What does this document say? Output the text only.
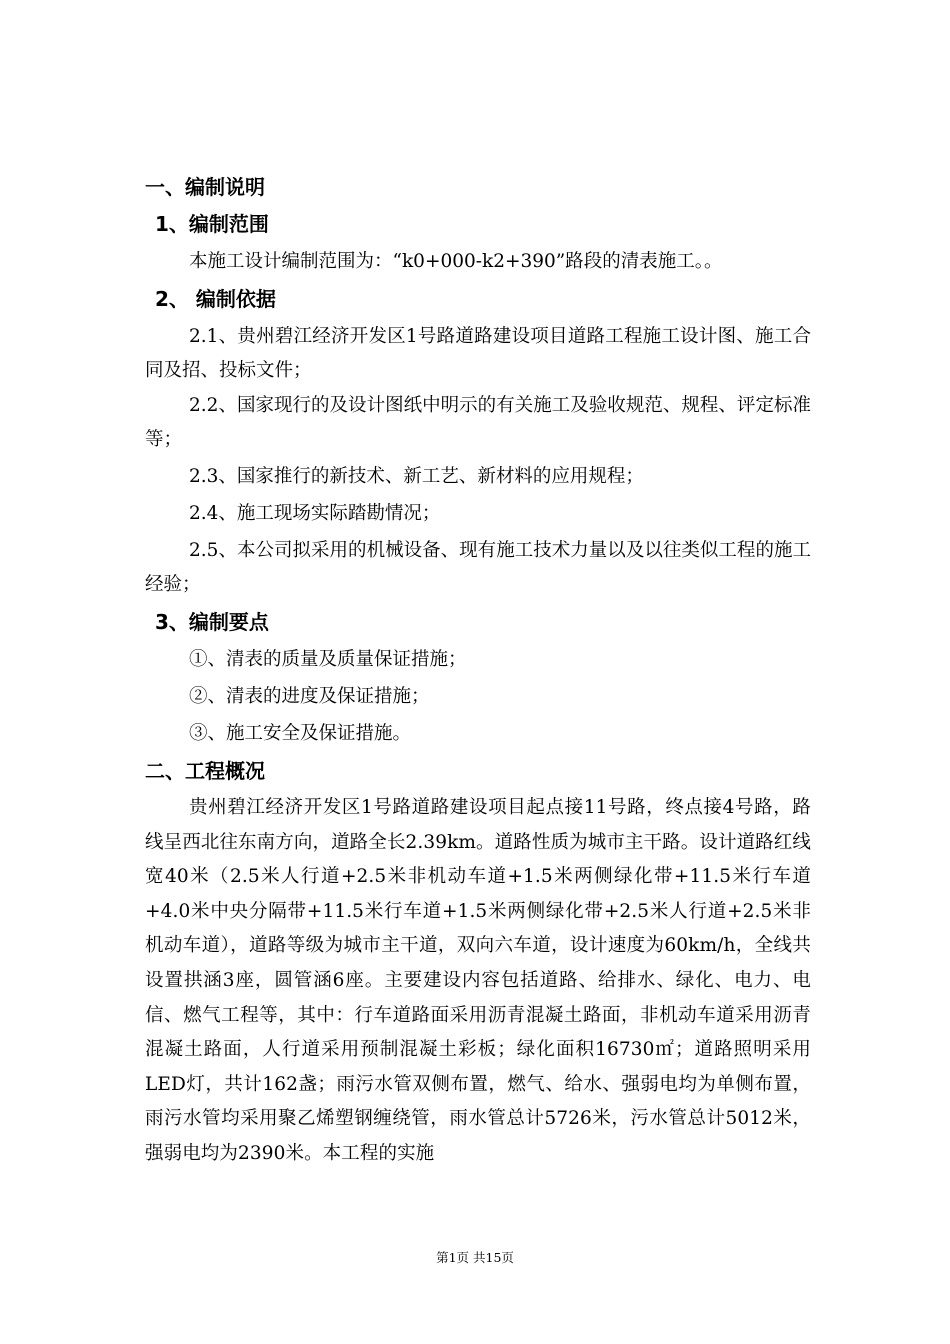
一、编制说明
1、编制范围
本施工设计编制范围为：“k0+000-k2+390”路段的清表施工。。
2、 编制依据
2.1、贵州碧江经济开发区1号路道路建设项目道路工程施工设计图、施工合同及招、投标文件；
2.2、国家现行的及设计图纸中明示的有关施工及验收规范、规程、评定标准等；
2.3、国家推行的新技术、新工艺、新材料的应用规程；
2.4、施工现场实际踏勘情况；
2.5、本公司拟采用的机械设备、现有施工技术力量以及以往类似工程的施工经验；
3、编制要点
①、清表的质量及质量保证措施；
②、清表的进度及保证措施；
③、施工安全及保证措施。
二、工程概况
贵州碧江经济开发区1号路道路建设项目起点接11号路，终点接4号路，路线呈西北往东南方向，道路全长2.39km。道路性质为城市主干路。设计道路红线宽40米（2.5米人行道+2.5米非机动车道+1.5米两侧绿化带+11.5米行车道+4.0米中央分隔带+11.5米行车道+1.5米两侧绿化带+2.5米人行道+2.5米非机动车道），道路等级为城市主干道，双向六车道，设计速度为60km/h，全线共设置拱涵3座，圆管涵6座。主要建设内容包括道路、给排水、绿化、电力、电信、燃气工程等，其中：行车道路面采用沥青混凝土路面，非机动车道采用沥青混凝土路面，人行道采用预制混凝土彩板；绿化面积16730㎡；道路照明采用LED灯，共计162盏；雨污水管双侧布置，燃气、给水、强弱电均为单侧布置，雨污水管均采用聚乙烯塑钢缠绕管，雨水管总计5726米，污水管总计5012米，强弱电均为2390米。本工程的实施
第1页 共15页
